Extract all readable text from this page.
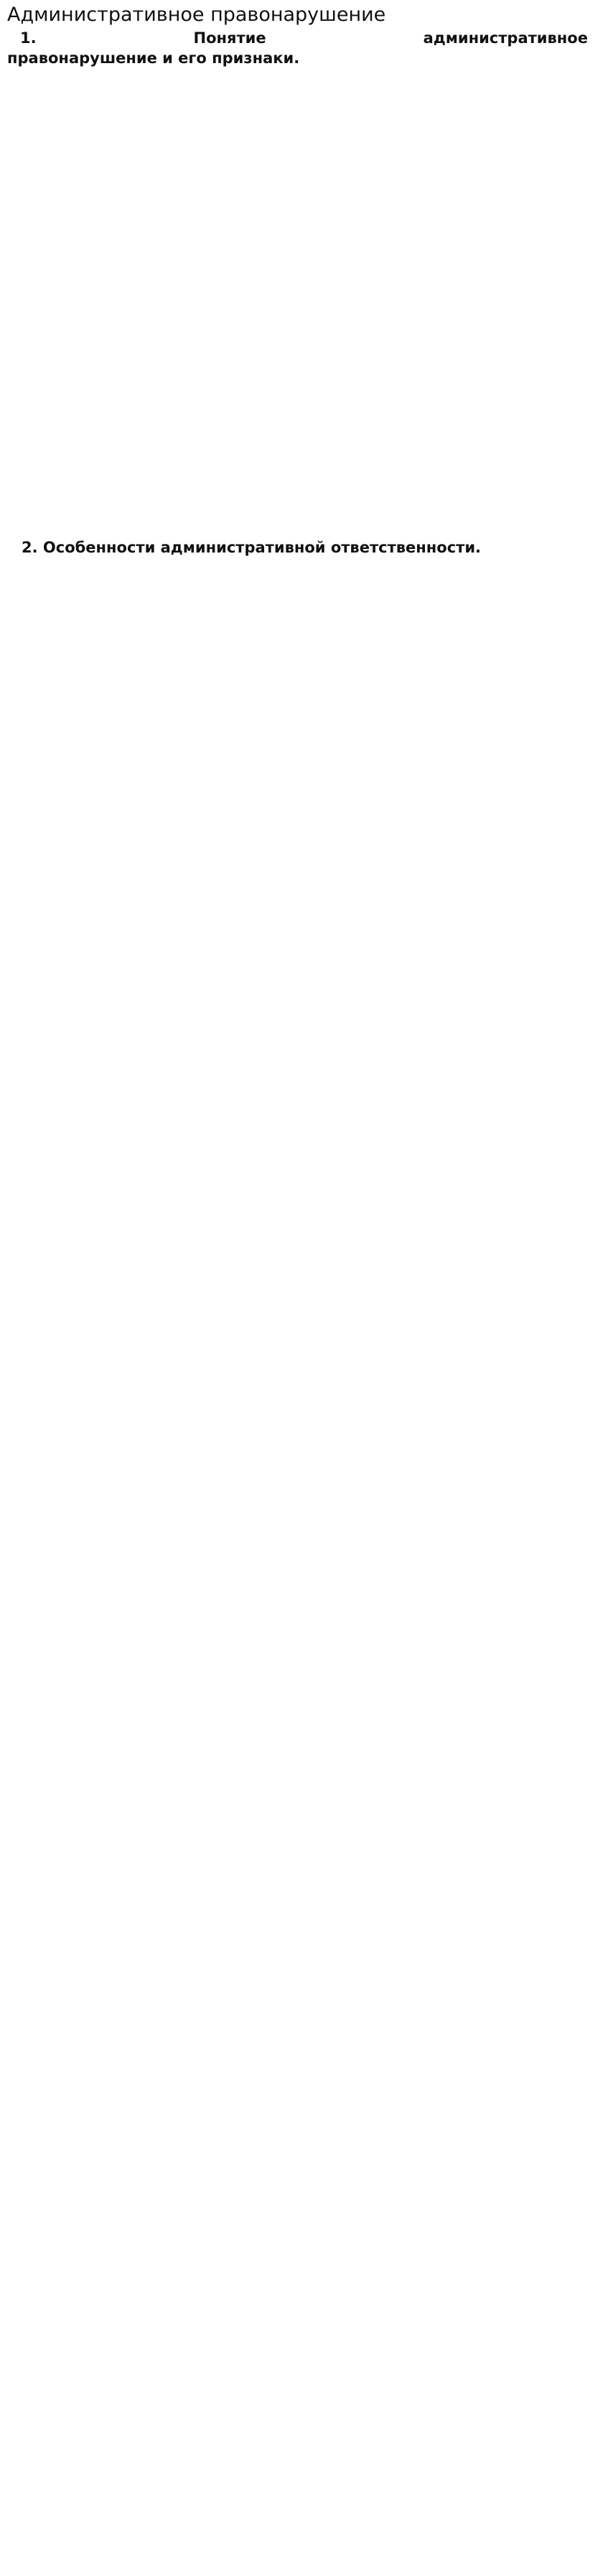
Административное правонарушение
1.	Понятие	административное
правонарушение и его признаки.

2. Особенности административной ответственности.
